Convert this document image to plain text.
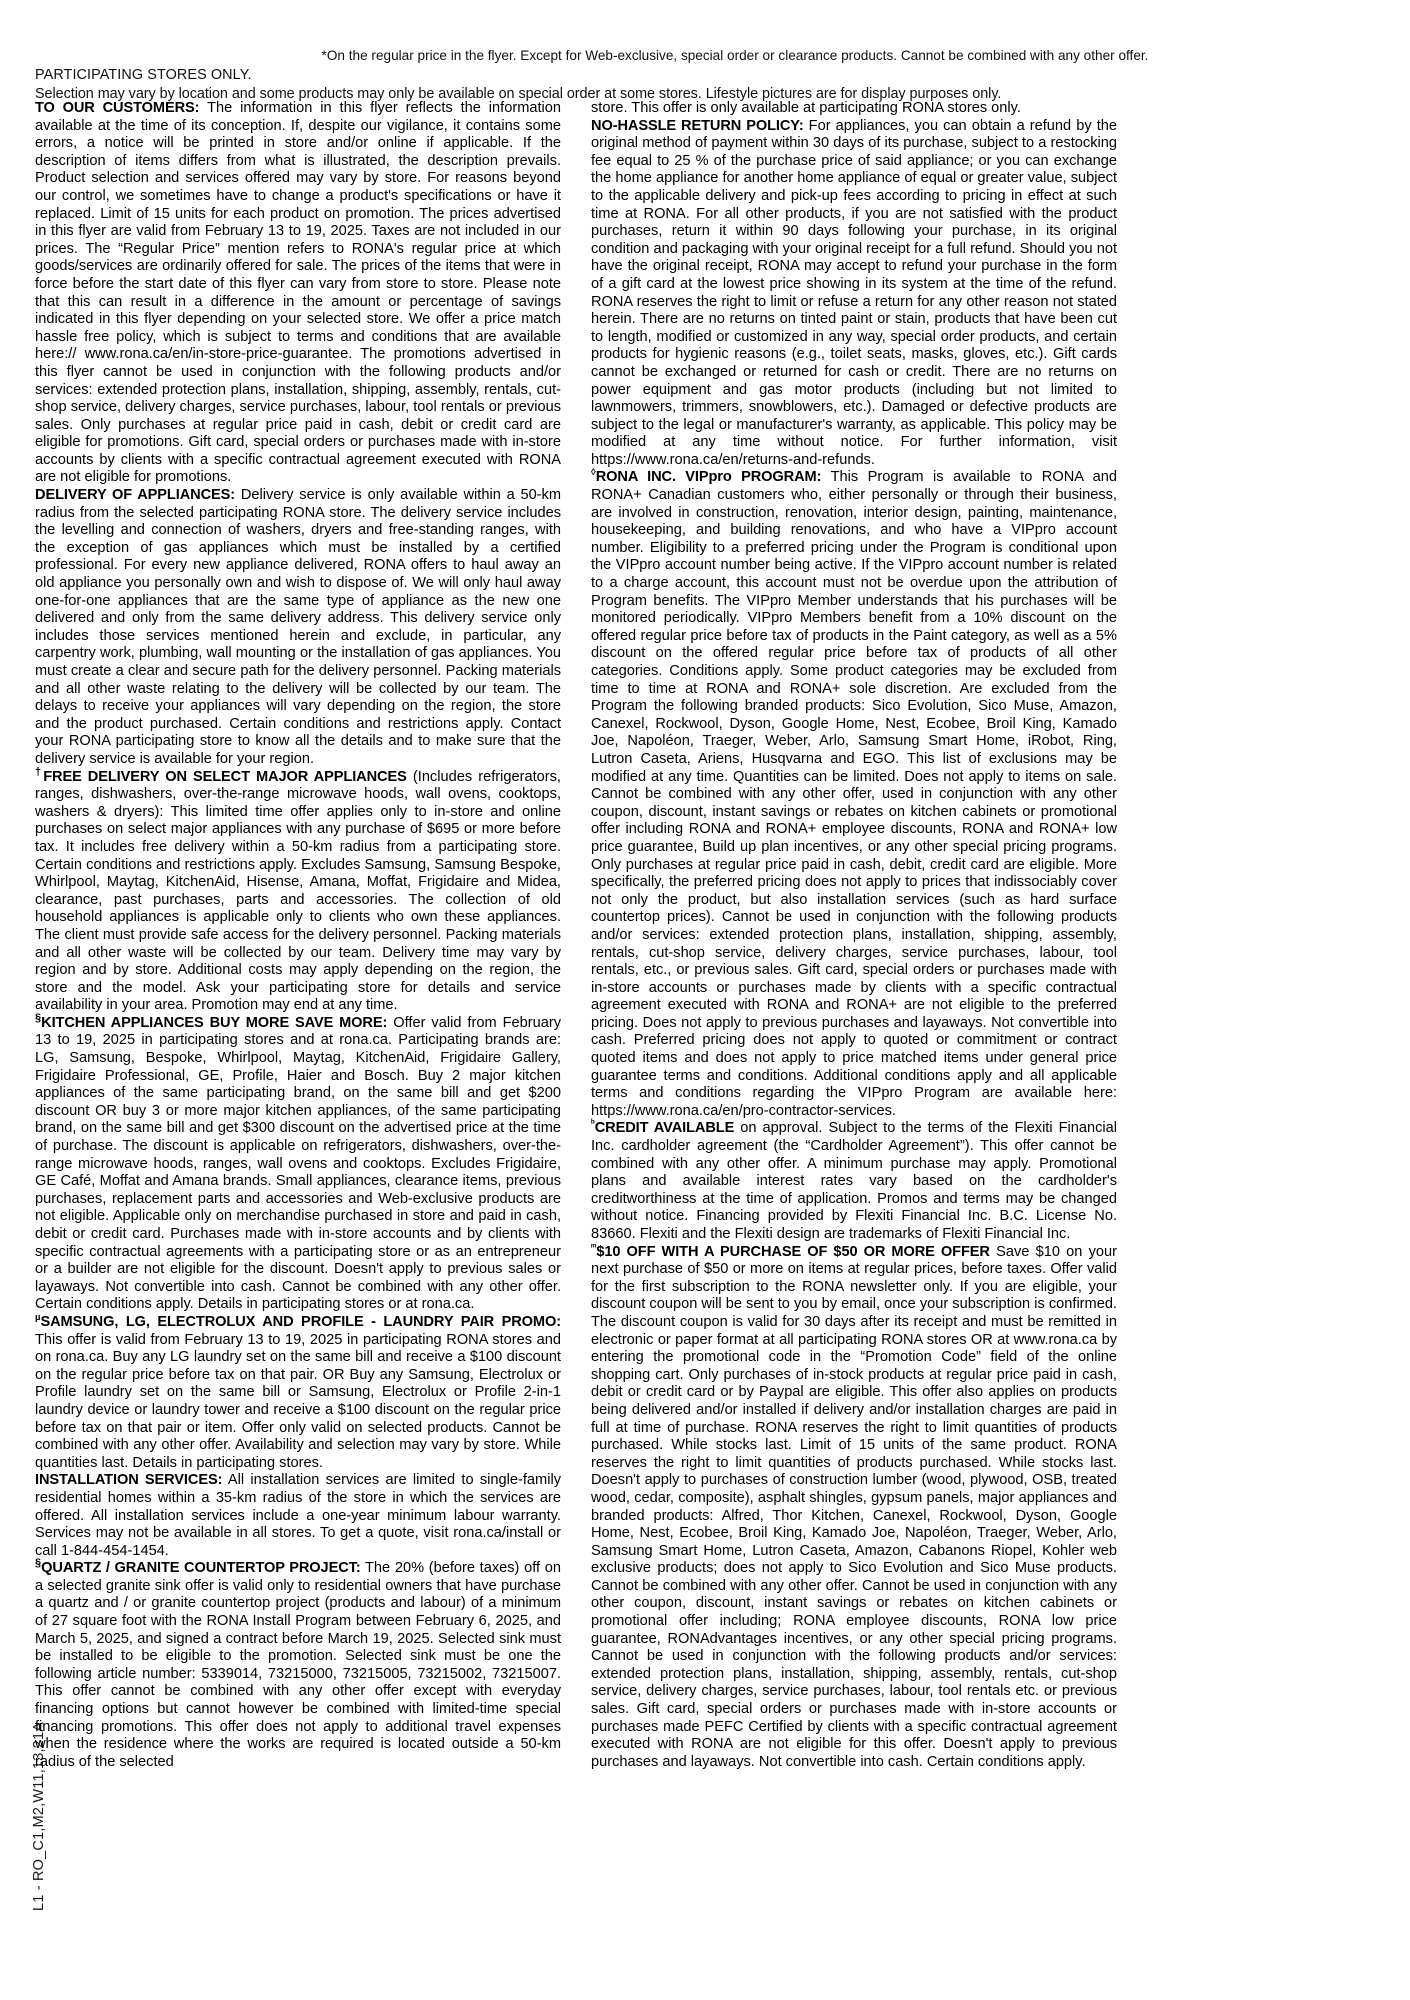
L1 - RO_C1,M2,W11,13,21A
*On the regular price in the flyer. Except for Web-exclusive, special order or clearance products. Cannot be combined with any other offer.
PARTICIPATING STORES ONLY.
Selection may vary by location and some products may only be available on special order at some stores. Lifestyle pictures are for display purposes only.

TO OUR CUSTOMERS: The information in this flyer reflects the information available at the time of its conception. If, despite our vigilance, it contains some errors, a notice will be printed in store and/or online if applicable. If the description of items differs from what is illustrated, the description prevails. Product selection and services offered may vary by store. For reasons beyond our control, we sometimes have to change a product's specifications or have it replaced. Limit of 15 units for each product on promotion. The prices advertised in this flyer are valid from February 13 to 19, 2025. Taxes are not included in our prices. The “Regular Price” mention refers to RONA's regular price at which goods/services are ordinarily offered for sale. The prices of the items that were in force before the start date of this flyer can vary from store to store. Please note that this can result in a difference in the amount or percentage of savings indicated in this flyer depending on your selected store. We offer a price match hassle free policy, which is subject to terms and conditions that are available here:// www.rona.ca/en/in-store-price-guarantee. The promotions advertised in this flyer cannot be used in conjunction with the following products and/or services: extended protection plans, installation, shipping, assembly, rentals, cut-shop service, delivery charges, service purchases, labour, tool rentals or previous sales. Only purchases at regular price paid in cash, debit or credit card are eligible for promotions. Gift card, special orders or purchases made with in-store accounts by clients with a specific contractual agreement executed with RONA are not eligible for promotions.

DELIVERY OF APPLIANCES: Delivery service is only available within a 50-km radius from the selected participating RONA store. The delivery service includes the levelling and connection of washers, dryers and free-standing ranges, with the exception of gas appliances which must be installed by a certified professional. For every new appliance delivered, RONA offers to haul away an old appliance you personally own and wish to dispose of. We will only haul away one-for-one appliances that are the same type of appliance as the new one delivered and only from the same delivery address. This delivery service only includes those services mentioned herein and exclude, in particular, any carpentry work, plumbing, wall mounting or the installation of gas appliances. You must create a clear and secure path for the delivery personnel. Packing materials and all other waste relating to the delivery will be collected by our team. The delays to receive your appliances will vary depending on the region, the store and the product purchased. Certain conditions and restrictions apply. Contact your RONA participating store to know all the details and to make sure that the delivery service is available for your region.

†FREE DELIVERY ON SELECT MAJOR APPLIANCES (Includes refrigerators, ranges, dishwashers, over-the-range microwave hoods, wall ovens, cooktops, washers & dryers): This limited time offer applies only to in-store and online purchases on select major appliances with any purchase of $695 or more before tax. It includes free delivery within a 50-km radius from a participating store. Certain conditions and restrictions apply. Excludes Samsung, Samsung Bespoke, Whirlpool, Maytag, KitchenAid, Hisense, Amana, Moffat, Frigidaire and Midea, clearance, past purchases, parts and accessories. The collection of old household appliances is applicable only to clients who own these appliances. The client must provide safe access for the delivery personnel. Packing materials and all other waste will be collected by our team. Delivery time may vary by region and by store. Additional costs may apply depending on the region, the store and the model. Ask your participating store for details and service availability in your area. Promotion may end at any time.

§KITCHEN APPLIANCES BUY MORE SAVE MORE: Offer valid from February 13 to 19, 2025 in participating stores and at rona.ca. Participating brands are: LG, Samsung, Bespoke, Whirlpool, Maytag, KitchenAid, Frigidaire Gallery, Frigidaire Professional, GE, Profile, Haier and Bosch. Buy 2 major kitchen appliances of the same participating brand, on the same bill and get $200 discount OR buy 3 or more major kitchen appliances, of the same participating brand, on the same bill and get $300 discount on the advertised price at the time of purchase. The discount is applicable on refrigerators, dishwashers, over-the-range microwave hoods, ranges, wall ovens and cooktops. Excludes Frigidaire, GE Café, Moffat and Amana brands. Small appliances, clearance items, previous purchases, replacement parts and accessories and Web-exclusive products are not eligible. Applicable only on merchandise purchased in store and paid in cash, debit or credit card. Purchases made with in-store accounts and by clients with specific contractual agreements with a participating store or as an entrepreneur or a builder are not eligible for the discount. Doesn't apply to previous sales or layaways. Not convertible into cash. Cannot be combined with any other offer. Certain conditions apply. Details in participating stores or at rona.ca.

$^\mu$SAMSUNG, LG, ELECTROLUX AND PROFILE - LAUNDRY PAIR PROMO: This offer is valid from February 13 to 19, 2025 in participating RONA stores and on rona.ca. Buy any LG laundry set on the same bill and receive a $100 discount on the regular price before tax on that pair. OR Buy any Samsung, Electrolux or Profile laundry set on the same bill or Samsung, Electrolux or Profile 2-in-1 laundry device or laundry tower and receive a $100 discount on the regular price before tax on that pair or item. Offer only valid on selected products. Cannot be combined with any other offer. Availability and selection may vary by store. While quantities last. Details in participating stores.

INSTALLATION SERVICES: All installation services are limited to single-family residential homes within a 35-km radius of the store in which the services are offered. All installation services include a one-year minimum labour warranty. Services may not be available in all stores. To get a quote, visit rona.ca/install or call 1-844-454-1454.

§QUARTZ / GRANITE COUNTERTOP PROJECT: The 20% (before taxes) off on a selected granite sink offer is valid only to residential owners that have purchase a quartz and / or granite countertop project (products and labour) of a minimum of 27 square foot with the RONA Install Program between February 6, 2025, and March 5, 2025, and signed a contract before March 19, 2025. Selected sink must be installed to be eligible to the promotion. Selected sink must be one the following article number: 5339014, 73215000, 73215005, 73215002, 73215007. This offer cannot be combined with any other offer except with everyday financing options but cannot however be combined with limited-time special financing promotions. This offer does not apply to additional travel expenses when the residence where the works are required is located outside a 50-km radius of the selected

store. This offer is only available at participating RONA stores only.

NO-HASSLE RETURN POLICY: For appliances, you can obtain a refund by the original method of payment within 30 days of its purchase, subject to a restocking fee equal to 25 % of the purchase price of said appliance; or you can exchange the home appliance for another home appliance of equal or greater value, subject to the applicable delivery and pick-up fees according to pricing in effect at such time at RONA. For all other products, if you are not satisfied with the product purchases, return it within 90 days following your purchase, in its original condition and packaging with your original receipt for a full refund. Should you not have the original receipt, RONA may accept to refund your purchase in the form of a gift card at the lowest price showing in its system at the time of the refund. RONA reserves the right to limit or refuse a return for any other reason not stated herein. There are no returns on tinted paint or stain, products that have been cut to length, modified or customized in any way, special order products, and certain products for hygienic reasons (e.g., toilet seats, masks, gloves, etc.). Gift cards cannot be exchanged or returned for cash or credit. There are no returns on power equipment and gas motor products (including but not limited to lawnmowers, trimmers, snowblowers, etc.). Damaged or defective products are subject to the legal or manufacturer's warranty, as applicable. This policy may be modified at any time without notice. For further information, visit https://www.rona.ca/en/returns-and-refunds.

◊RONA INC. VIPpro PROGRAM: This Program is available to RONA and RONA+ Canadian customers who, either personally or through their business, are involved in construction, renovation, interior design, painting, maintenance, housekeeping, and building renovations, and who have a VIPpro account number. Eligibility to a preferred pricing under the Program is conditional upon the VIPpro account number being active. If the VIPpro account number is related to a charge account, this account must not be overdue upon the attribution of Program benefits. The VIPpro Member understands that his purchases will be monitored periodically. VIPpro Members benefit from a 10% discount on the offered regular price before tax of products in the Paint category, as well as a 5% discount on the offered regular price before tax of products of all other categories. Conditions apply. Some product categories may be excluded from time to time at RONA and RONA+ sole discretion. Are excluded from the Program the following branded products: Sico Evolution, Sico Muse, Amazon, Canexel, Rockwool, Dyson, Google Home, Nest, Ecobee, Broil King, Kamado Joe, Napoléon, Traeger, Weber, Arlo, Samsung Smart Home, iRobot, Ring, Lutron Caseta, Ariens, Husqvarna and EGO. This list of exclusions may be modified at any time. Quantities can be limited. Does not apply to items on sale. Cannot be combined with any other offer, used in conjunction with any other coupon, discount, instant savings or rebates on kitchen cabinets or promotional offer including RONA and RONA+ employee discounts, RONA and RONA+ low price guarantee, Build up plan incentives, or any other special pricing programs. Only purchases at regular price paid in cash, debit, credit card are eligible. More specifically, the preferred pricing does not apply to prices that indissociably cover not only the product, but also installation services (such as hard surface countertop prices). Cannot be used in conjunction with the following products and/or services: extended protection plans, installation, shipping, assembly, rentals, cut-shop service, delivery charges, service purchases, labour, tool rentals, etc., or previous sales. Gift card, special orders or purchases made with in-store accounts or purchases made by clients with a specific contractual agreement executed with RONA and RONA+ are not eligible to the preferred pricing. Does not apply to previous purchases and layaways. Not convertible into cash. Preferred pricing does not apply to quoted or commitment or contract quoted items and does not apply to price matched items under general price guarantee terms and conditions. Additional conditions apply and all applicable terms and conditions regarding the VIPpro Program are available here: https://www.rona.ca/en/pro-contractor-services.

$^ᵇ$CREDIT AVAILABLE on approval. Subject to the terms of the Flexiti Financial Inc. cardholder agreement (the “Cardholder Agreement”). This offer cannot be combined with any other offer. A minimum purchase may apply. Promotional plans and available interest rates vary based on the cardholder's creditworthiness at the time of application. Promos and terms may be changed without notice. Financing provided by Flexiti Financial Inc. B.C. License No. 83660. Flexiti and the Flexiti design are trademarks of Flexiti Financial Inc.

$^ᵐ$\$10 OFF WITH A PURCHASE OF $50 OR MORE OFFER Save $10 on your next purchase of $50 or more on items at regular prices, before taxes. Offer valid for the first subscription to the RONA newsletter only. If you are eligible, your discount coupon will be sent to you by email, once your subscription is confirmed. The discount coupon is valid for 30 days after its receipt and must be remitted in electronic or paper format at all participating RONA stores OR at www.rona.ca by entering the promotional code in the “Promotion Code” field of the online shopping cart. Only purchases of in-stock products at regular price paid in cash, debit or credit card or by Paypal are eligible. This offer also applies on products being delivered and/or installed if delivery and/or installation charges are paid in full at time of purchase. RONA reserves the right to limit quantities of products purchased. While stocks last. Limit of 15 units of the same product. RONA reserves the right to limit quantities of products purchased. While stocks last. Doesn't apply to purchases of construction lumber (wood, plywood, OSB, treated wood, cedar, composite), asphalt shingles, gypsum panels, major appliances and branded products: Alfred, Thor Kitchen, Canexel, Rockwool, Dyson, Google Home, Nest, Ecobee, Broil King, Kamado Joe, Napoléon, Traeger, Weber, Arlo, Samsung Smart Home, Lutron Caseta, Amazon, Cabanons Riopel, Kohler web exclusive products; does not apply to Sico Evolution and Sico Muse products. Cannot be combined with any other offer. Cannot be used in conjunction with any other coupon, discount, instant savings or rebates on kitchen cabinets or promotional offer including; RONA employee discounts, RONA low price guarantee, RONAdvantages incentives, or any other special pricing programs. Cannot be used in conjunction with the following products and/or services: extended protection plans, installation, shipping, assembly, rentals, cut-shop service, delivery charges, service purchases, labour, tool rentals etc. or previous sales. Gift card, special orders or purchases made with in-store accounts or purchases made PEFC Certified by clients with a specific contractual agreement executed with RONA are not eligible for this offer. Doesn't apply to previous purchases and layaways. Not convertible into cash. Certain conditions apply.
